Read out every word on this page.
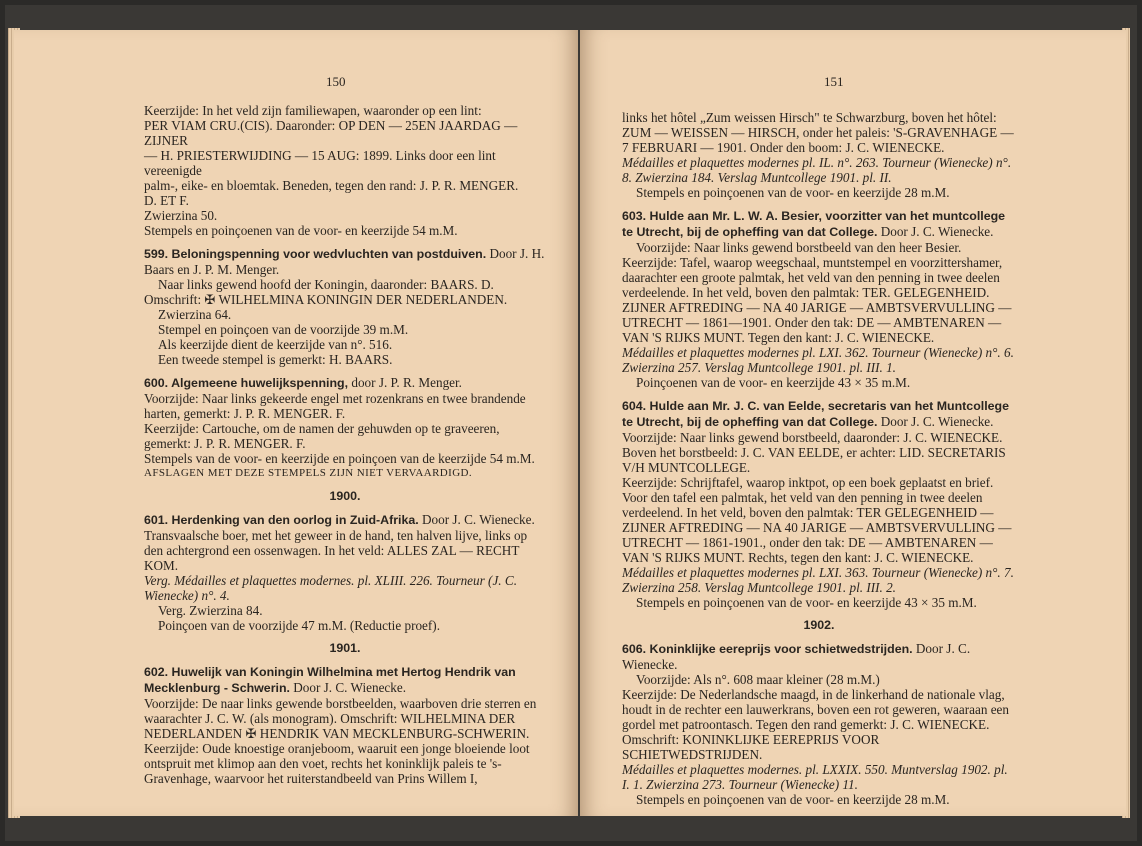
150

Keerzijde: In het veld zijn familiewapen, waaronder op een lint:

PER VIAM CRU.(CIS). Daaronder: OP DEN — 25EN JAARDAG — ZIJNER

— H. PRIESTERWIJDING — 15 AUG: 1899. Links door een lint vereenigde

palm-, eike- en bloemtak. Beneden, tegen den rand: J. P. R. MENGER.

D. ET F.

Zwierzina 50.

Stempels en poinçoenen van de voor- en keerzijde 54 m.M.

599. Beloningspenning voor wedvluchten van postduiven. Door J. H. Baars en J. P. M. Menger.

Naar links gewend hoofd der Koningin, daaronder: BAARS. D.

Omschrift: ✠ WILHELMINA KONINGIN DER NEDERLANDEN.

Zwierzina 64.

Stempel en poinçoen van de voorzijde 39 m.M.

Als keerzijde dient de keerzijde van n°. 516.

Een tweede stempel is gemerkt: H. BAARS.

600. Algemeene huwelijkspenning, door J. P. R. Menger.

Voorzijde: Naar links gekeerde engel met rozenkrans en twee brandende harten, gemerkt: J. P. R. MENGER. F.

Keerzijde: Cartouche, om de namen der gehuwden op te graveeren, gemerkt: J. P. R. MENGER. F.

Stempels van de voor- en keerzijde en poinçoen van de keerzijde 54 m.M.

AFSLAGEN MET DEZE STEMPELS ZIJN NIET VERVAARDIGD.

1900.

601. Herdenking van den oorlog in Zuid-Afrika. Door J. C. Wienecke.

Transvaalsche boer, met het geweer in de hand, ten halven lijve, links op den achtergrond een ossenwagen. In het veld: ALLES ZAL — RECHT KOM.

Verg. Médailles et plaquettes modernes. pl. XLIII. 226. Tourneur (J. C. Wienecke) n°. 4.

Verg. Zwierzina 84.

Poinçoen van de voorzijde 47 m.M. (Reductie proef).

1901.

602. Huwelijk van Koningin Wilhelmina met Hertog Hendrik van Mecklenburg - Schwerin. Door J. C. Wienecke.

Voorzijde: De naar links gewende borstbeelden, waarboven drie sterren en waarachter J. C. W. (als monogram). Omschrift: WILHELMINA DER NEDERLANDEN ✠ HENDRIK VAN MECKLENBURG-SCHWERIN.

Keerzijde: Oude knoestige oranjeboom, waaruit een jonge bloeiende loot ontspruit met klimop aan den voet, rechts het koninklijk paleis te 's-Gravenhage, waarvoor het ruiterstandbeeld van Prins Willem I,

151

links het hôtel „Zum weissen Hirsch" te Schwarzburg, boven het hôtel: ZUM — WEISSEN — HIRSCH, onder het paleis: 'S-GRAVENHAGE — 7 FEBRUARI — 1901. Onder den boom: J. C. WIENECKE.

Médailles et plaquettes modernes pl. IL. n°. 263. Tourneur (Wienecke) n°. 8. Zwierzina 184. Verslag Muntcollege 1901. pl. II.

Stempels en poinçoenen van de voor- en keerzijde 28 m.M.

603. Hulde aan Mr. L. W. A. Besier, voorzitter van het muntcollege te Utrecht, bij de opheffing van dat College. Door J. C. Wienecke.

Voorzijde: Naar links gewend borstbeeld van den heer Besier.

Keerzijde: Tafel, waarop weegschaal, muntstempel en voorzittershamer, daarachter een groote palmtak, het veld van den penning in twee deelen verdeelende. In het veld, boven den palmtak: TER. GELEGENHEID. ZIJNER AFTREDING — NA 40 JARIGE — AMBTSVERVULLING — UTRECHT — 1861—1901. Onder den tak: DE — AMBTENAREN — VAN 'S RIJKS MUNT. Tegen den kant: J. C. WIENECKE.

Médailles et plaquettes modernes pl. LXI. 362. Tourneur (Wienecke) n°. 6. Zwierzina 257. Verslag Muntcollege 1901. pl. III. 1.

Poinçoenen van de voor- en keerzijde 43 × 35 m.M.

604. Hulde aan Mr. J. C. van Eelde, secretaris van het Muntcollege te Utrecht, bij de opheffing van dat College. Door J. C. Wienecke.

Voorzijde: Naar links gewend borstbeeld, daaronder: J. C. WIENECKE. Boven het borstbeeld: J. C. VAN EELDE, er achter: LID. SECRETARIS V/H MUNTCOLLEGE.

Keerzijde: Schrijftafel, waarop inktpot, op een boek geplaatst en brief. Voor den tafel een palmtak, het veld van den penning in twee deelen verdeelend. In het veld, boven den palmtak: TER GELEGENHEID — ZIJNER AFTREDING — NA 40 JARIGE — AMBTSVERVULLING — UTRECHT — 1861-1901., onder den tak: DE — AMBTENAREN — VAN 'S RIJKS MUNT. Rechts, tegen den kant: J. C. WIENECKE.

Médailles et plaquettes modernes pl. LXI. 363. Tourneur (Wienecke) n°. 7. Zwierzina 258. Verslag Muntcollege 1901. pl. III. 2.

Stempels en poinçoenen van de voor- en keerzijde 43 × 35 m.M.

1902.

606. Koninklijke eereprijs voor schietwedstrijden. Door J. C. Wienecke.

Voorzijde: Als n°. 608 maar kleiner (28 m.M.)

Keerzijde: De Nederlandsche maagd, in de linkerhand de nationale vlag, houdt in de rechter een lauwerkrans, boven een rot geweren, waaraan een gordel met patroontasch. Tegen den rand gemerkt: J. C. WIENECKE. Omschrift: KONINKLIJKE EEREPRIJS VOOR SCHIETWEDSTRIJDEN.

Médailles et plaquettes modernes. pl. LXXIX. 550. Muntverslag 1902. pl. I. 1. Zwierzina 273. Tourneur (Wienecke) 11.

Stempels en poinçoenen van de voor- en keerzijde 28 m.M.
